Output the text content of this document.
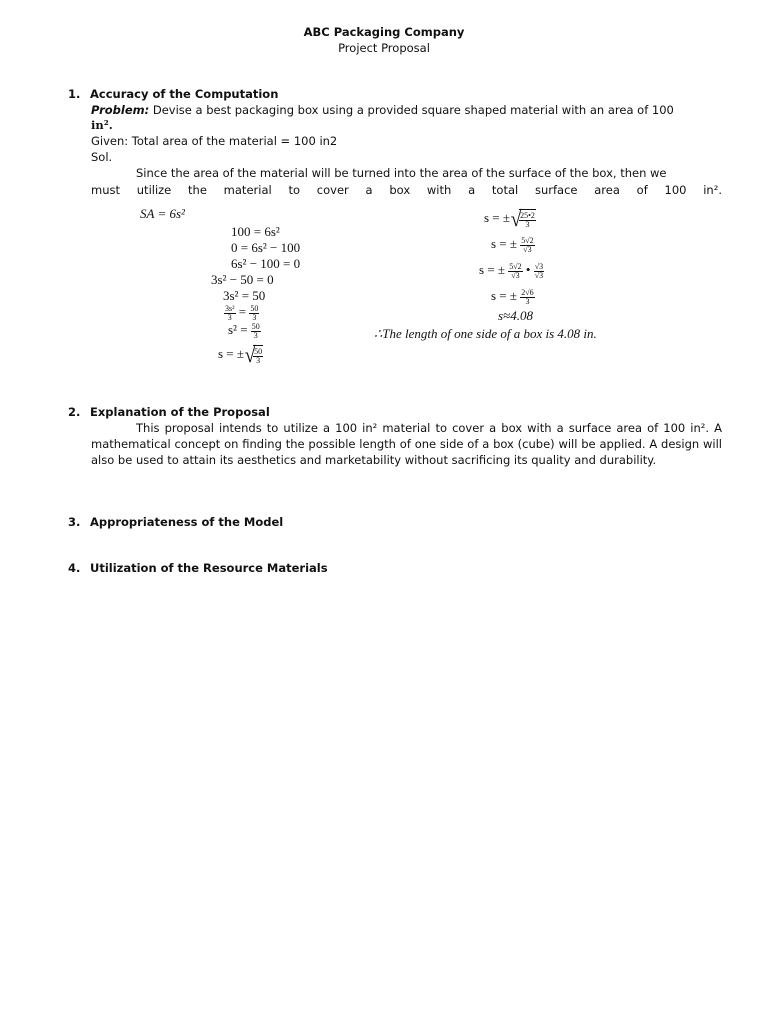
ABC Packaging Company
Project Proposal
1. Accuracy of the Computation
Problem: Devise a best packaging box using a provided square shaped material with an area of 100
in².
Given: Total area of the material = 100 in2
Sol.
Since the area of the material will be turned into the area of the surface of the box, then we
must utilize the material to cover a box with a total surface area of 100 in².
SA = 6s²
100 = 6s²
0 = 6s² − 100
6s² − 100 = 0
3s² − 50 = 0
3s² = 50
$\frac{\text{3s²}}{3} = \frac{50}{3}$
$s^2 = \frac{50}{3}$
s = ±√
$\frac{50}{3}$
s = ±√
$\frac{25•2}{3}$
s = ± $\frac{5√2}{√3}$
s = ± $\frac{5√2}{√3}$ • $\frac{√3}{√3}$
s = ± $\frac{2√6}{3}$
s≈4.08
∴The length of one side of a box is 4.08 in.
2. Explanation of the Proposal
This proposal intends to utilize a 100 in² material to cover a box with a surface area of 100 in². A mathematical concept on finding the possible length of one side of a box (cube) will be applied. A design will also be used to attain its aesthetics and marketability without sacrificing its quality and durability.
3. Appropriateness of the Model
4. Utilization of the Resource Materials
